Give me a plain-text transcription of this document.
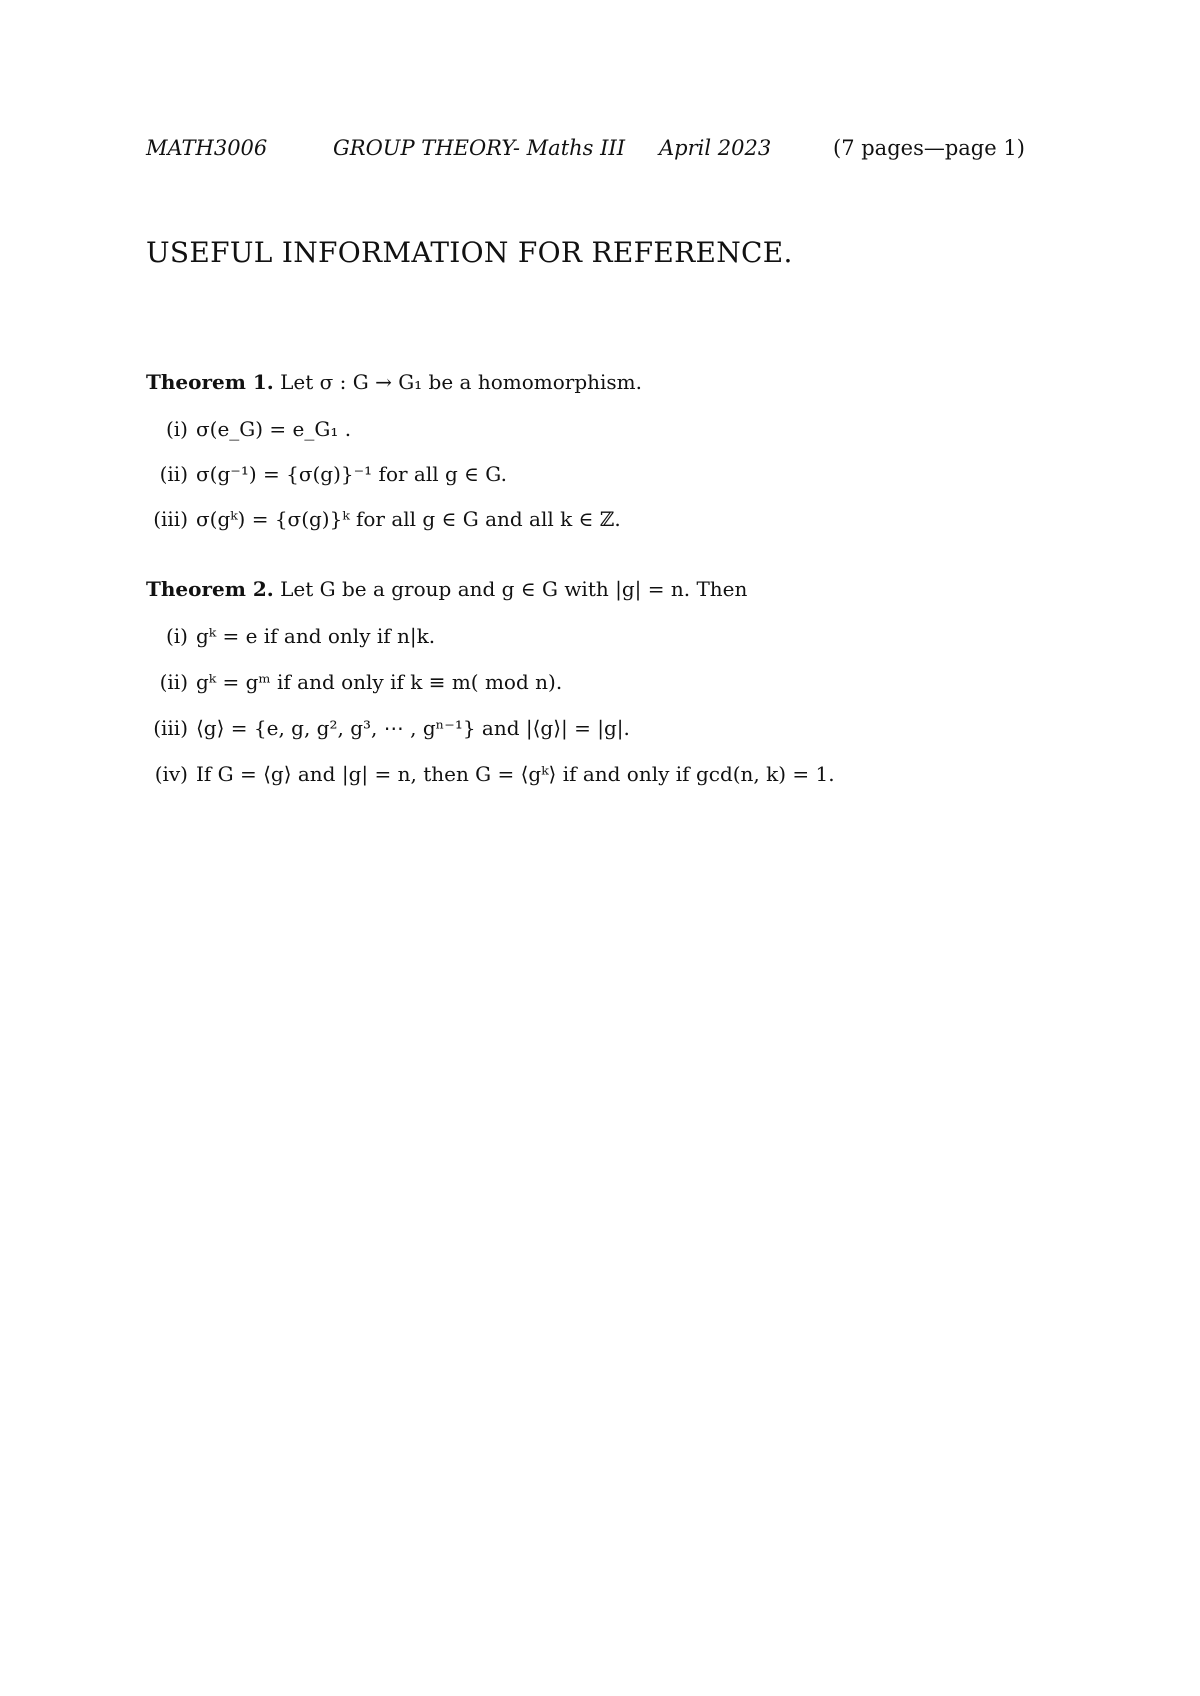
MATH3006	GROUP THEORY- Maths III April 2023	(7 pages—page 1)
USEFUL INFORMATION FOR REFERENCE.
Theorem 1. Let σ : G → G₁ be a homomorphism.
(i) σ(e_G) = e_G₁ .
(ii) σ(g⁻¹) = {σ(g)}⁻¹ for all g ∈ G.
(iii) σ(gᵏ) = {σ(g)}ᵏ for all g ∈ G and all k ∈ ℤ.
Theorem 2. Let G be a group and g ∈ G with |g| = n. Then
(i) gᵏ = e if and only if n|k.
(ii) gᵏ = gᵐ if and only if k ≡ m( mod n).
(iii) ⟨g⟩ = {e, g, g², g³, ⋯ , gⁿ⁻¹} and |⟨g⟩| = |g|.
(iv) If G = ⟨g⟩ and |g| = n, then G = ⟨gᵏ⟩ if and only if gcd(n, k) = 1.
